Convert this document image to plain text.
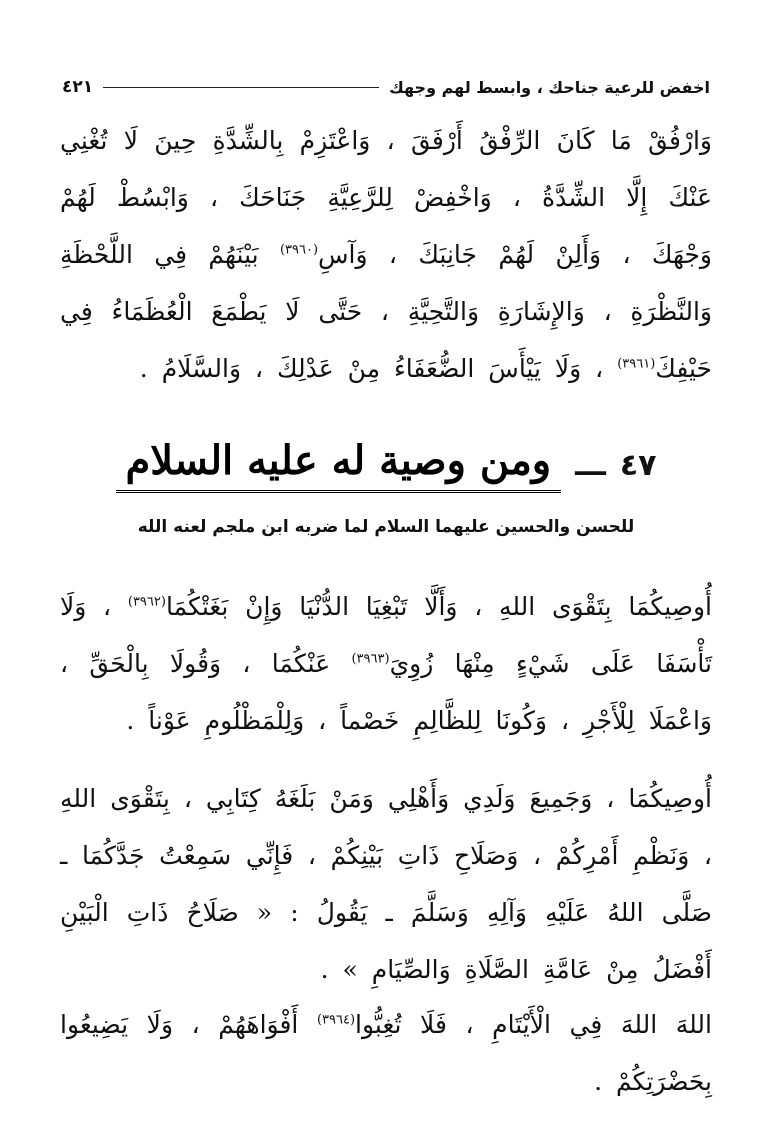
اخفض للرعية جناحك ، وابسط لهم وجهك
٤٢١
وَارْفُقْ مَا كَانَ الرِّفْقُ أَرْفَقَ ، وَاعْتَزِمْ بِالشِّدَّةِ حِينَ لَا تُغْنِي عَنْكَ إِلَّا الشِّدَّةُ ، وَاخْفِضْ لِلرَّعِيَّةِ جَنَاحَكَ ، وَابْسُطْ لَهُمْ وَجْهَكَ ، وَأَلِنْ لَهُمْ جَانِبَكَ ، وَآسِ$^{(٣٩٦٠)}$ بَيْنَهُمْ فِي اللَّحْظَةِ وَالنَّظْرَةِ ، وَالإِشَارَةِ وَالتَّحِيَّةِ ، حَتَّى لَا يَطْمَعَ الْعُظَمَاءُ فِي حَيْفِكَ$^{(٣٩٦١)}$ ، وَلَا يَيْأَسَ الضُّعَفَاءُ مِنْ عَدْلِكَ ، وَالسَّلَامُ .
٤٧
ـــ
ومن وصية له عليه السلام
للحسن والحسين عليهما السلام لما ضربه ابن ملجم لعنه الله
أُوصِيكُمَا بِتَقْوَى اللهِ ، وَأَلَّا تَبْغِيَا الدُّنْيَا وَإِنْ بَغَتْكُمَا$^{(٣٩٦٢)}$ ، وَلَا تَأْسَفَا عَلَى شَيْءٍ مِنْهَا زُوِيَ$^{(٣٩٦٣)}$ عَنْكُمَا ، وَقُولَا بِالْحَقِّ ، وَاعْمَلَا لِلْأَجْرِ ، وَكُونَا لِلظَّالِمِ خَصْماً ، وَلِلْمَظْلُومِ عَوْناً .
أُوصِيكُمَا ، وَجَمِيعَ وَلَدِي وَأَهْلِي وَمَنْ بَلَغَهُ كِتَابِي ، بِتَقْوَى اللهِ ، وَنَظْمِ أَمْرِكُمْ ، وَصَلَاحِ ذَاتِ بَيْنِكُمْ ، فَإِنِّي سَمِعْتُ جَدَّكُمَا ـ صَلَّى اللهُ عَلَيْهِ وَآلِهِ وَسَلَّمَ ـ يَقُولُ : « صَلَاحُ ذَاتِ الْبَيْنِ أَفْضَلُ مِنْ عَامَّةِ الصَّلَاةِ وَالصِّيَامِ » .
اللهَ اللهَ فِي الْأَيْتَامِ ، فَلَا تُغِبُّوا$^{(٣٩٦٤)}$ أَفْوَاهَهُمْ ، وَلَا يَضِيعُوا بِحَضْرَتِكُمْ .
